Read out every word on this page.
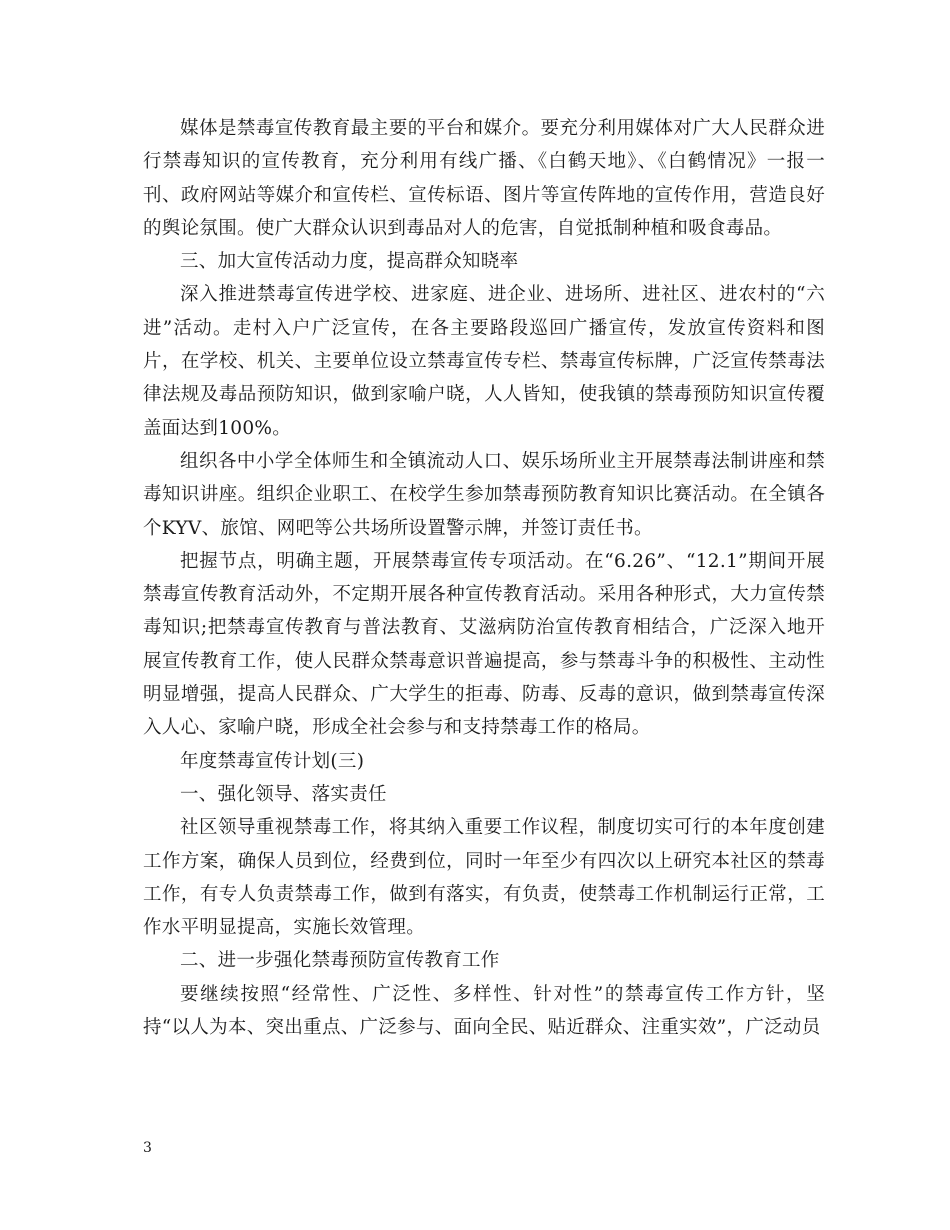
媒体是禁毒宣传教育最主要的平台和媒介。要充分利用媒体对广大人民群众进行禁毒知识的宣传教育，充分利用有线广播、《白鹤天地》、《白鹤情况》一报一刊、政府网站等媒介和宣传栏、宣传标语、图片等宣传阵地的宣传作用，营造良好的舆论氛围。使广大群众认识到毒品对人的危害，自觉抵制种植和吸食毒品。

三、加大宣传活动力度，提高群众知晓率

深入推进禁毒宣传进学校、进家庭、进企业、进场所、进社区、进农村的“六进”活动。走村入户广泛宣传，在各主要路段巡回广播宣传，发放宣传资料和图片，在学校、机关、主要单位设立禁毒宣传专栏、禁毒宣传标牌，广泛宣传禁毒法律法规及毒品预防知识，做到家喻户晓，人人皆知，使我镇的禁毒预防知识宣传覆盖面达到100%。

组织各中小学全体师生和全镇流动人口、娱乐场所业主开展禁毒法制讲座和禁毒知识讲座。组织企业职工、在校学生参加禁毒预防教育知识比赛活动。在全镇各个KYV、旅馆、网吧等公共场所设置警示牌，并签订责任书。

把握节点，明确主题，开展禁毒宣传专项活动。在“6.26”、“12.1”期间开展禁毒宣传教育活动外，不定期开展各种宣传教育活动。采用各种形式，大力宣传禁毒知识;把禁毒宣传教育与普法教育、艾滋病防治宣传教育相结合，广泛深入地开展宣传教育工作，使人民群众禁毒意识普遍提高，参与禁毒斗争的积极性、主动性明显增强，提高人民群众、广大学生的拒毒、防毒、反毒的意识，做到禁毒宣传深入人心、家喻户晓，形成全社会参与和支持禁毒工作的格局。

年度禁毒宣传计划(三)

一、强化领导、落实责任

社区领导重视禁毒工作，将其纳入重要工作议程，制度切实可行的本年度创建工作方案，确保人员到位，经费到位，同时一年至少有四次以上研究本社区的禁毒工作，有专人负责禁毒工作，做到有落实，有负责，使禁毒工作机制运行正常，工作水平明显提高，实施长效管理。

二、进一步强化禁毒预防宣传教育工作

要继续按照“经常性、广泛性、多样性、针对性”的禁毒宣传工作方针，坚持“以人为本、突出重点、广泛参与、面向全民、贴近群众、注重实效”，广泛动员

3
